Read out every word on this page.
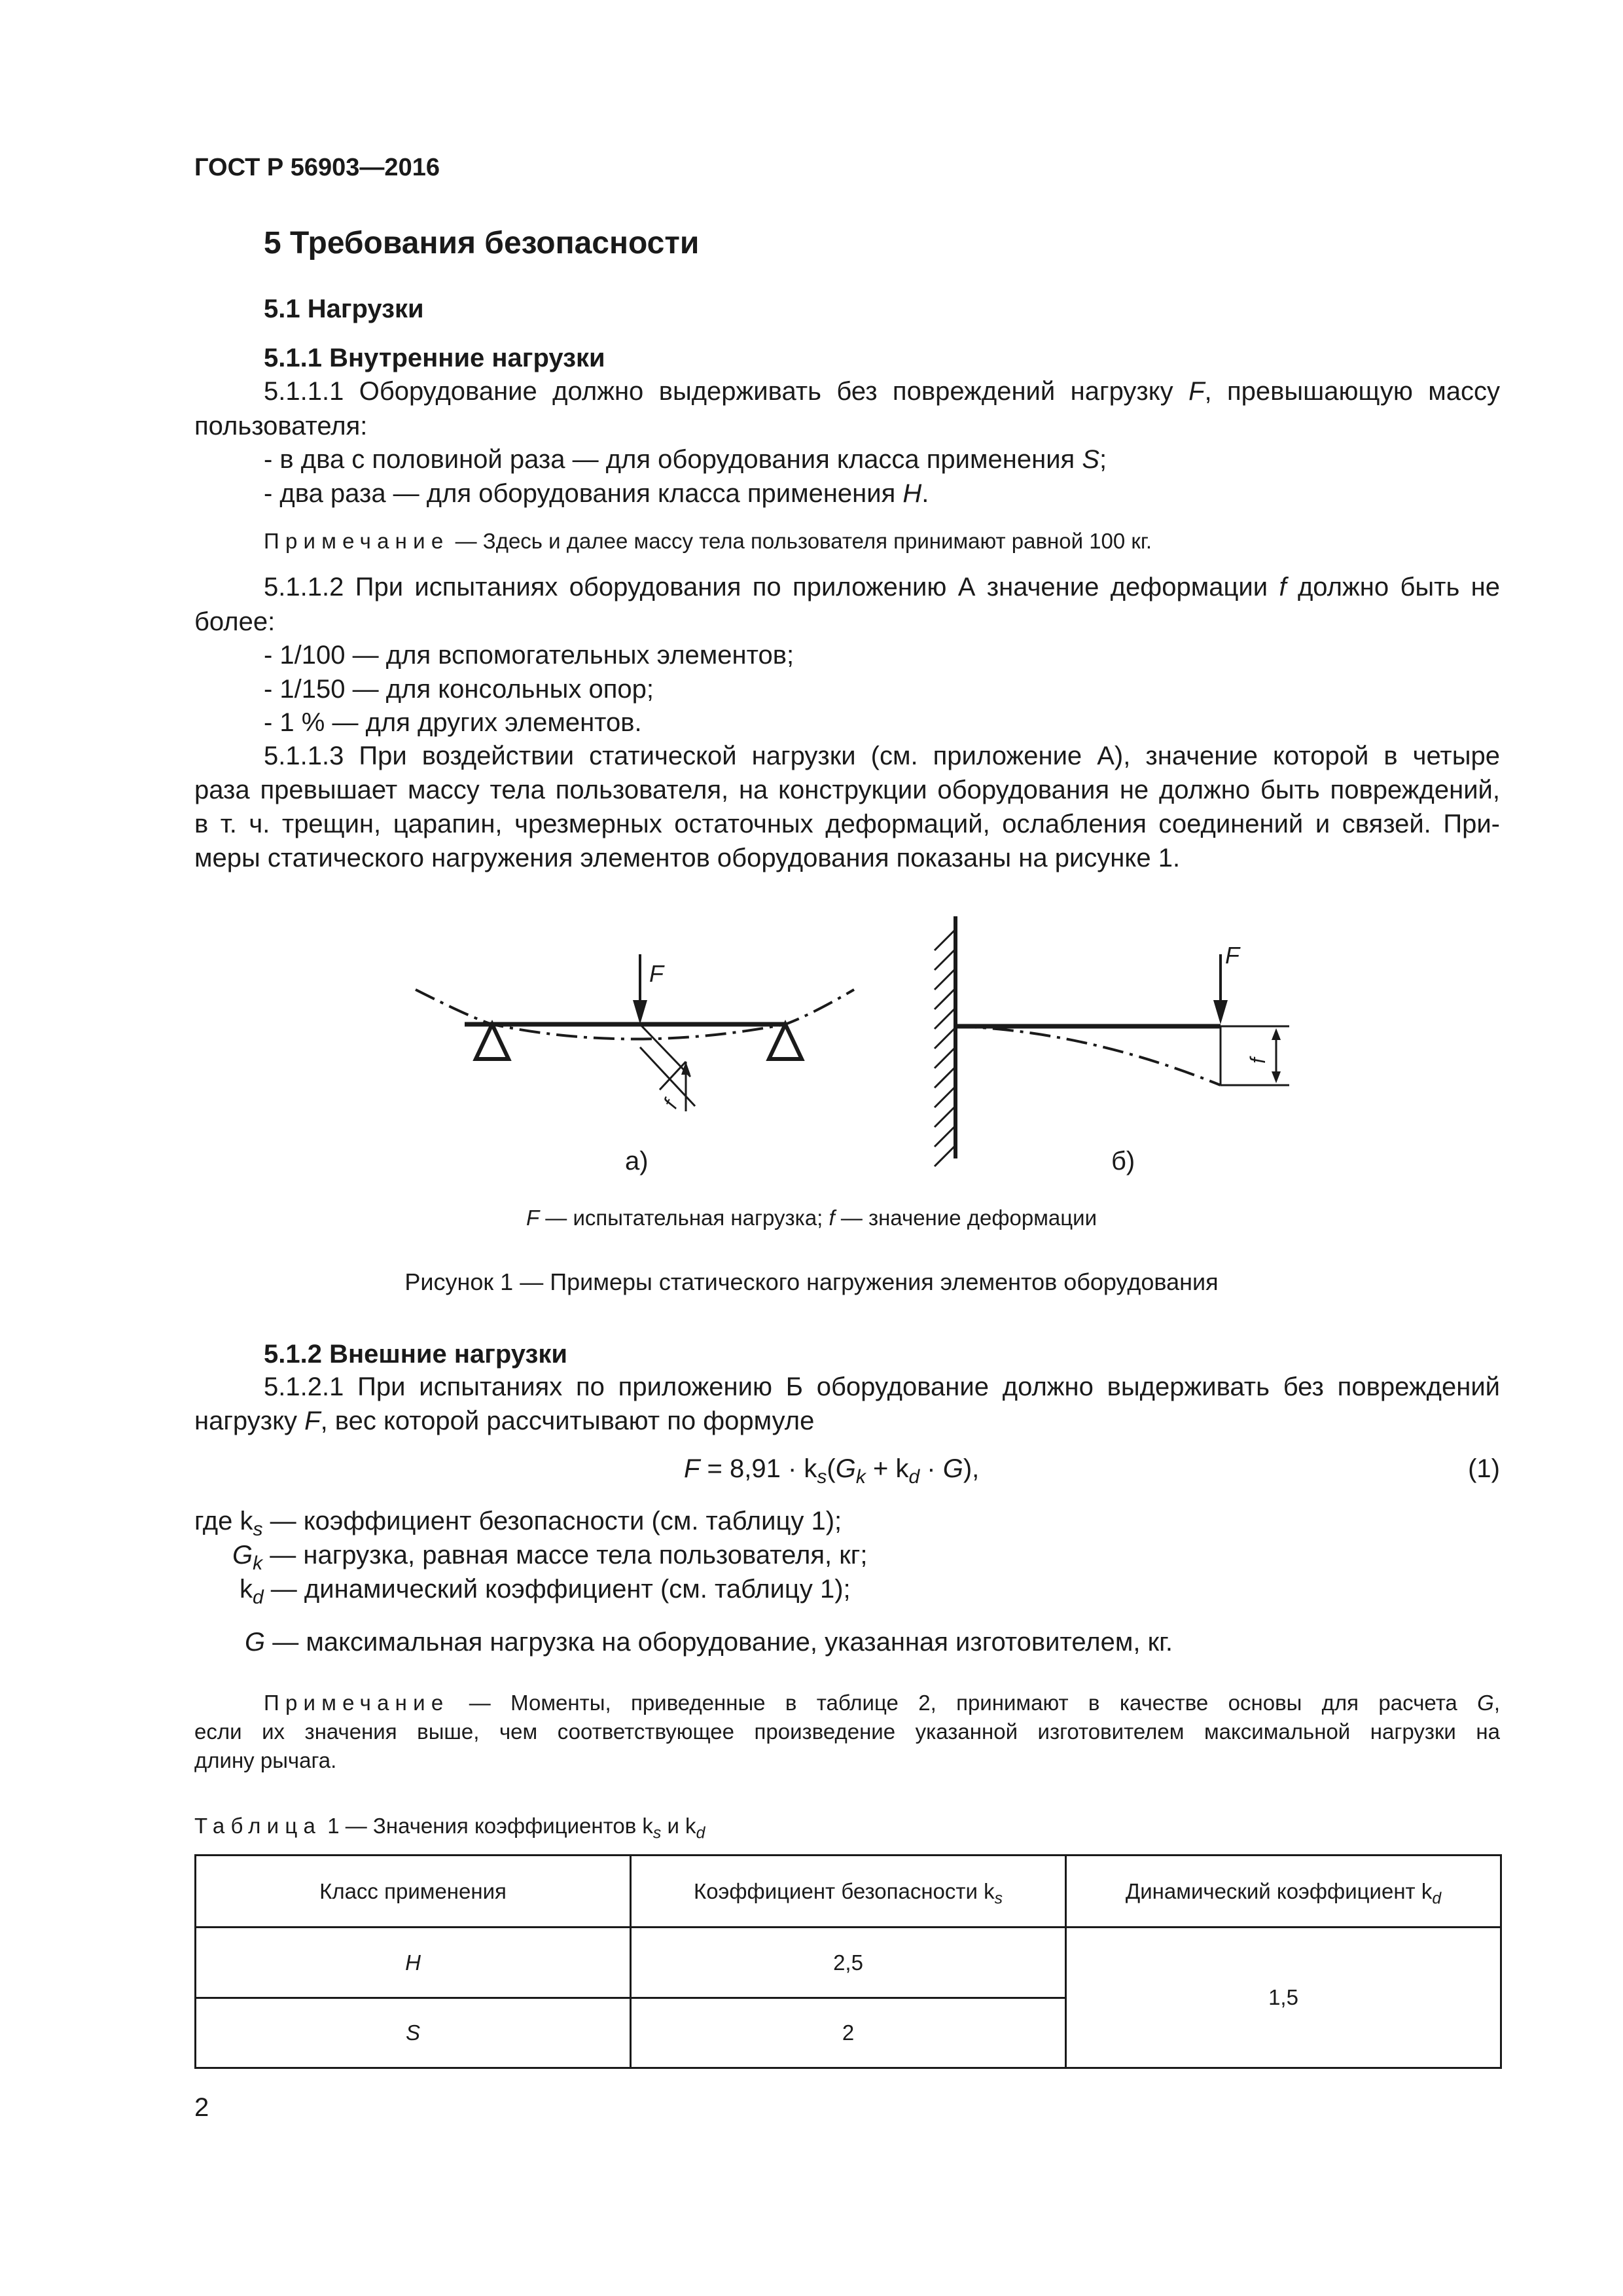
ГОСТ Р 56903—2016
5 Требования безопасности
5.1 Нагрузки
5.1.1 Внутренние нагрузки
5.1.1.1 Оборудование должно выдерживать без повреждений нагрузку F, превышающую массу
пользователя:
- в два с половиной раза — для оборудования класса применения S;
- два раза — для оборудования класса применения H.
Примечание — Здесь и далее массу тела пользователя принимают равной 100 кг.
5.1.1.2 При испытаниях оборудования по приложению А значение деформации f должно быть не
более:
- 1/100 — для вспомогательных элементов;
- 1/150 — для консольных опор;
- 1 % — для других элементов.
5.1.1.3 При воздействии статической нагрузки (см. приложение А), значение которой в четыре
раза превышает массу тела пользователя, на конструкции оборудования не должно быть повреждений,
в т. ч. трещин, царапин, чрезмерных остаточных деформаций, ослабления соединений и связей. При-
меры статического нагружения элементов оборудования показаны на рисунке 1.
F
f
F
f
а)	б)
F — испытательная нагрузка; f — значение деформации
Рисунок 1 — Примеры статического нагружения элементов оборудования
5.1.2 Внешние нагрузки
5.1.2.1 При испытаниях по приложению Б оборудование должно выдерживать без повреждений
нагрузку F, вес которой рассчитывают по формуле
$F = 8,91 \cdot k_s(G_k + k_d \cdot G)$,	(1)
где $k_s$ — коэффициент безопасности (см. таблицу 1);
$G_k$ — нагрузка, равная массе тела пользователя, кг;
$k_d$ — динамический коэффициент (см. таблицу 1);
G — максимальная нагрузка на оборудование, указанная изготовителем, кг.
Примечание — Моменты, приведенные в таблице 2, принимают в качестве основы для расчета G,
если их значения выше, чем соответствующее произведение указанной изготовителем максимальной нагрузки на
длину рычага.
Таблица 1 — Значения коэффициентов $k_s$ и $k_d$
Класс применения	Коэффициент безопасности $k_s$	Динамический коэффициент $k_d$
H	2,5	1,5
S	2	
2
